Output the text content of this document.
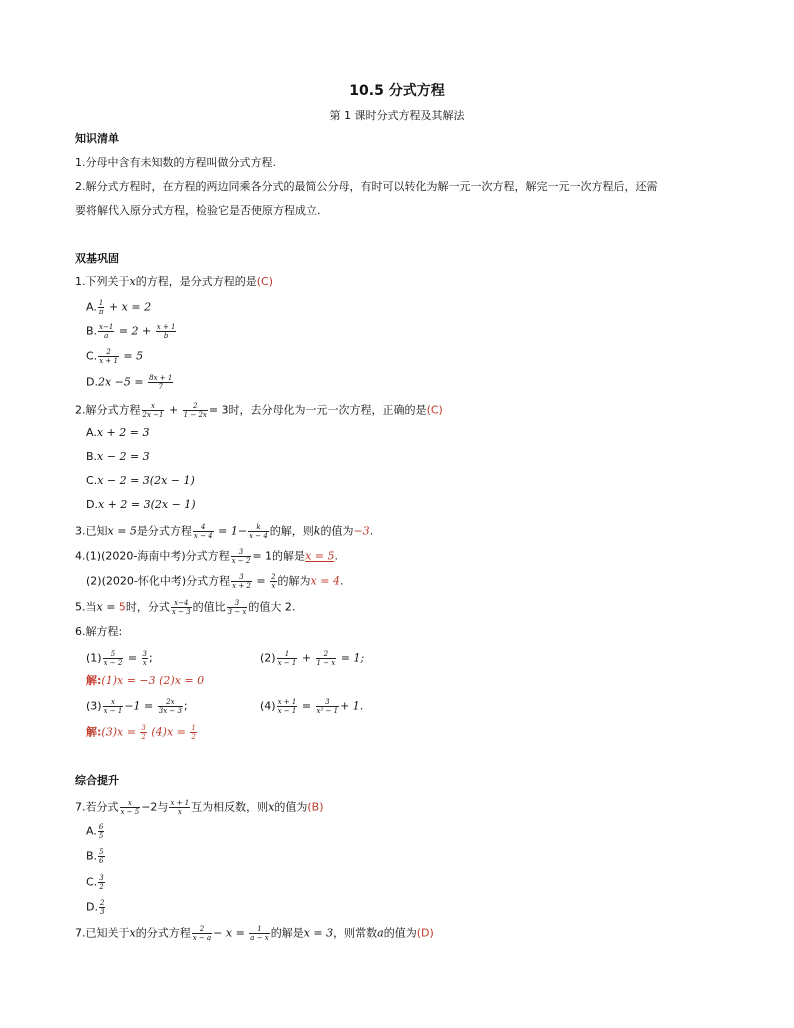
10.5 分式方程
第 1 课时分式方程及其解法
知识清单
1.分母中含有未知数的方程叫做分式方程.
2.解分式方程时，在方程的两边同乘各分式的最简公分母，有时可以转化为解一元一次方程，解完一元一次方程后，还需
要将解代入原分式方程，检验它是否使原方程成立.
双基巩固
1.下列关于x的方程，是分式方程的是(C)
A. $\frac{1}{\pi} + x = 2$
B. $\frac{x-1}{a} = 2 + \frac{x + 1}{b}$
C. $\frac{2}{x + 1} = 5$
$D.2x -5 = \frac{8x + 1}{7}$
2.解分式方程 $\frac{x}{2x -1} + \frac{2}{1 - 2x} = 3$时，去分母化为一元一次方程，正确的是(C)
A.x + 2 = 3
B.x − 2 = 3
C.x − 2 = 3(2x − 1)
D.x + 2 = 3(2x − 1)
3.已知x = 5是分式方程 $\frac{4}{x - 4} = 1- \frac{k}{x - 4}$ 的解，则k的值为−3.
4.(1)(2020-海南中考)分式方程 $\frac{3}{x - 2} = 1$的解是x = 5.
(2)(2020-怀化中考)分式方程 $\frac{3}{x + 2} = \frac{2}{x}$ 的解为x = 4.
5.当x = 5时，分式 $\frac{x-4}{x - 3}$ 的值比 $\frac{3}{3 - x}$ 的值大 2.
6.解方程:
$(1) \frac{5}{x - 2} = \frac{3}{x}$ ;	$(2) \frac{1}{x - 1} + \frac{2}{1 - x} = 1$;
解:(1)x = −3 (2)x = 0
$(3) \frac{x}{x - 1} -1 = \frac{2x}{3x - 3}$ ;	$(4) \frac{x + 1}{x - 1} = \frac{3}{\text{x² − 1}} + 1$.
解:(3)x = $\frac{3}{2} (4)x = \frac{1}{2}$
综合提升
7.若分式 $\frac{x}{x - 5} -2$与 $\frac{x + 1}{x}$ 互为相反数，则x的值为(B)
A. $\frac{6}{5}$
B. $\frac{5}{6}$
C. $\frac{3}{2}$
D. $\frac{2}{3}$
7.已知关于x的分式方程 $\frac{2}{x - a} - x = \frac{1}{a - x}$ 的解是x = 3，则常数a的值为(D)
